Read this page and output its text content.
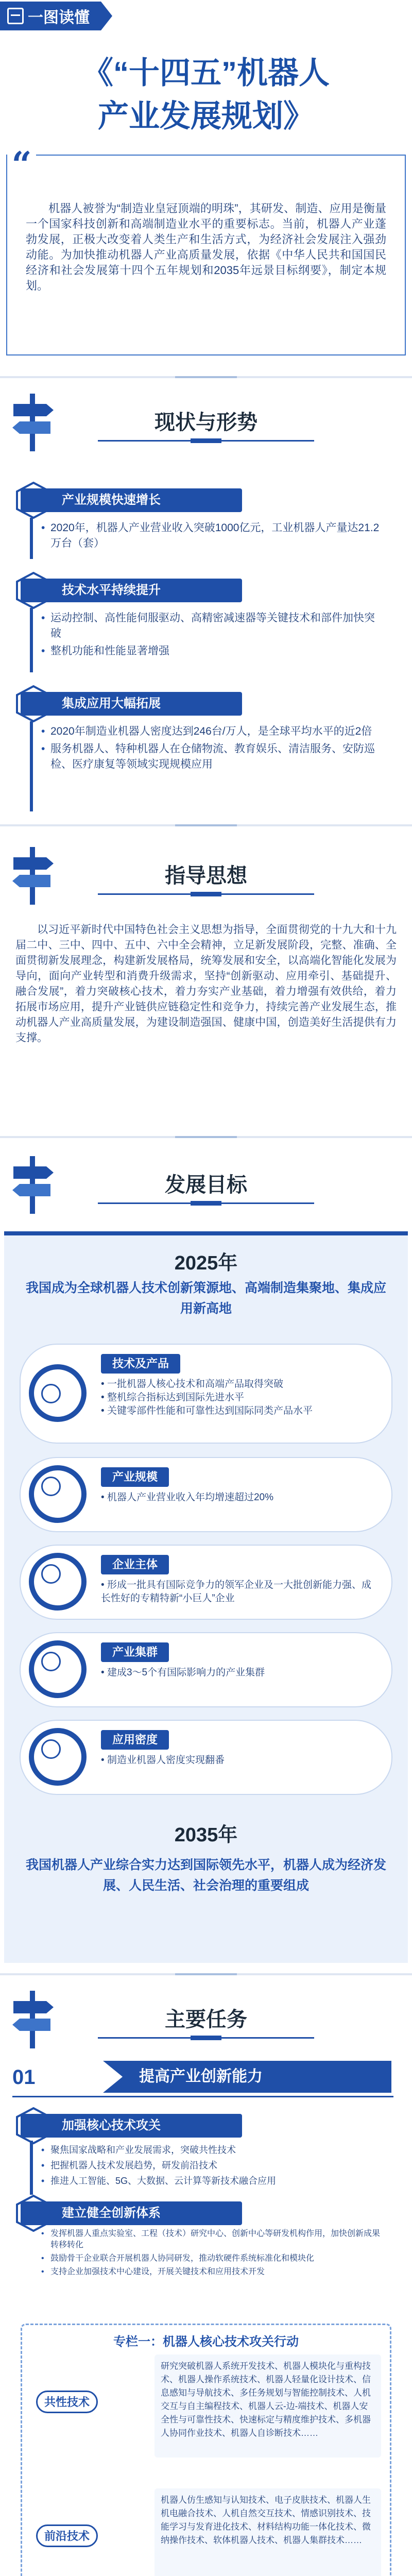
一图读懂
《“十四五”机器人
产业发展规划》
“
机器人被誉为“制造业皇冠顶端的明珠”，其研发、制造、应用是衡量一个国家科技创新和高端制造业水平的重要标志。当前，机器人产业蓬勃发展，正极大改变着人类生产和生活方式，为经济社会发展注入强劲动能。为加快推动机器人产业高质量发展，依据《中华人民共和国国民经济和社会发展第十四个五年规划和2035年远景目标纲要》，制定本规划。
现状与形势
产业规模快速增长
• 2020年，机器人产业营业收入突破1000亿元，工业机器人产量达21.2万台（套）
技术水平持续提升
• 运动控制、高性能伺服驱动、高精密减速器等关键技术和部件加快突破
• 整机功能和性能显著增强
集成应用大幅拓展
• 2020年制造业机器人密度达到246台/万人，是全球平均水平的近2倍
• 服务机器人、特种机器人在仓储物流、教育娱乐、清洁服务、安防巡检、医疗康复等领域实现规模应用
指导思想
以习近平新时代中国特色社会主义思想为指导，全面贯彻党的十九大和十九届二中、三中、四中、五中、六中全会精神，立足新发展阶段，完整、准确、全面贯彻新发展理念，构建新发展格局，统筹发展和安全，以高端化智能化发展为导向，面向产业转型和消费升级需求，坚持“创新驱动、应用牵引、基础提升、融合发展”，着力突破核心技术，着力夯实产业基础，着力增强有效供给，着力拓展市场应用，提升产业链供应链稳定性和竞争力，持续完善产业发展生态，推动机器人产业高质量发展，为建设制造强国、健康中国，创造美好生活提供有力支撑。
发展目标
2025年
我国成为全球机器人技术创新策源地、高端制造集聚地、集成应用新高地
技术及产品
• 一批机器人核心技术和高端产品取得突破
• 整机综合指标达到国际先进水平
• 关键零部件性能和可靠性达到国际同类产品水平
产业规模
• 机器人产业营业收入年均增速超过20%
企业主体
• 形成一批具有国际竞争力的领军企业及一大批创新能力强、成长性好的专精特新“小巨人”企业
产业集群
• 建成3～5个有国际影响力的产业集群
应用密度
• 制造业机器人密度实现翻番
2035年
我国机器人产业综合实力达到国际领先水平，机器人成为经济发展、人民生活、社会治理的重要组成
主要任务
01	提高产业创新能力
加强核心技术攻关
• 聚焦国家战略和产业发展需求，突破共性技术
• 把握机器人技术发展趋势，研发前沿技术
• 推进人工智能、5G、大数据、云计算等新技术融合应用
建立健全创新体系
• 发挥机器人重点实验室、工程（技术）研究中心、创新中心等研发机构作用，加快创新成果转移转化
• 鼓励骨干企业联合开展机器人协同研发，推动软硬件系统标准化和模块化
• 支持企业加强技术中心建设，开展关键技术和应用技术开发
专栏一：机器人核心技术攻关行动
共性技术
研究突破机器人系统开发技术、机器人模块化与重构技术、机器人操作系统技术、机器人轻量化设计技术、信息感知与导航技术、多任务规划与智能控制技术、人机交互与自主编程技术、机器人云-边-端技术、机器人安全性与可靠性技术、快速标定与精度维护技术、多机器人协同作业技术、机器人自诊断技术……
前沿技术
机器人仿生感知与认知技术、电子皮肤技术、机器人生机电融合技术、人机自然交互技术、情感识别技术、技能学习与发育进化技术、材料结构功能一体化技术、微纳操作技术、软体机器人技术、机器人集群技术……
